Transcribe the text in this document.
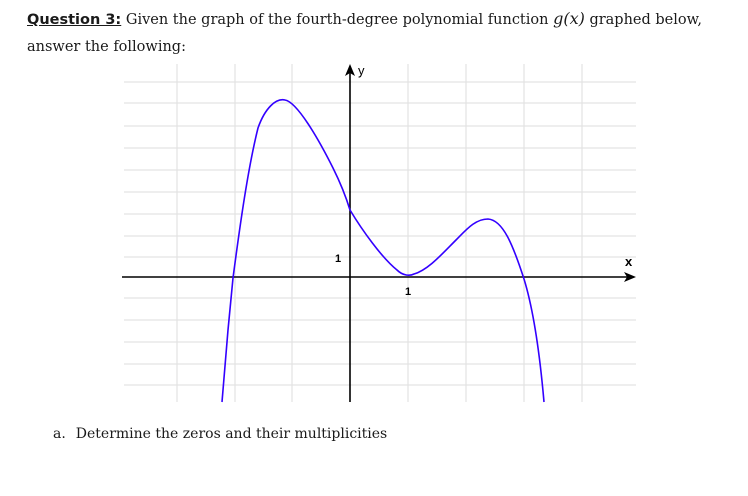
Question 3: Given the graph of the fourth-degree polynomial function g(x) graphed below, answer the following:
y
x
1
1
a. Determine the zeros and their multiplicities
